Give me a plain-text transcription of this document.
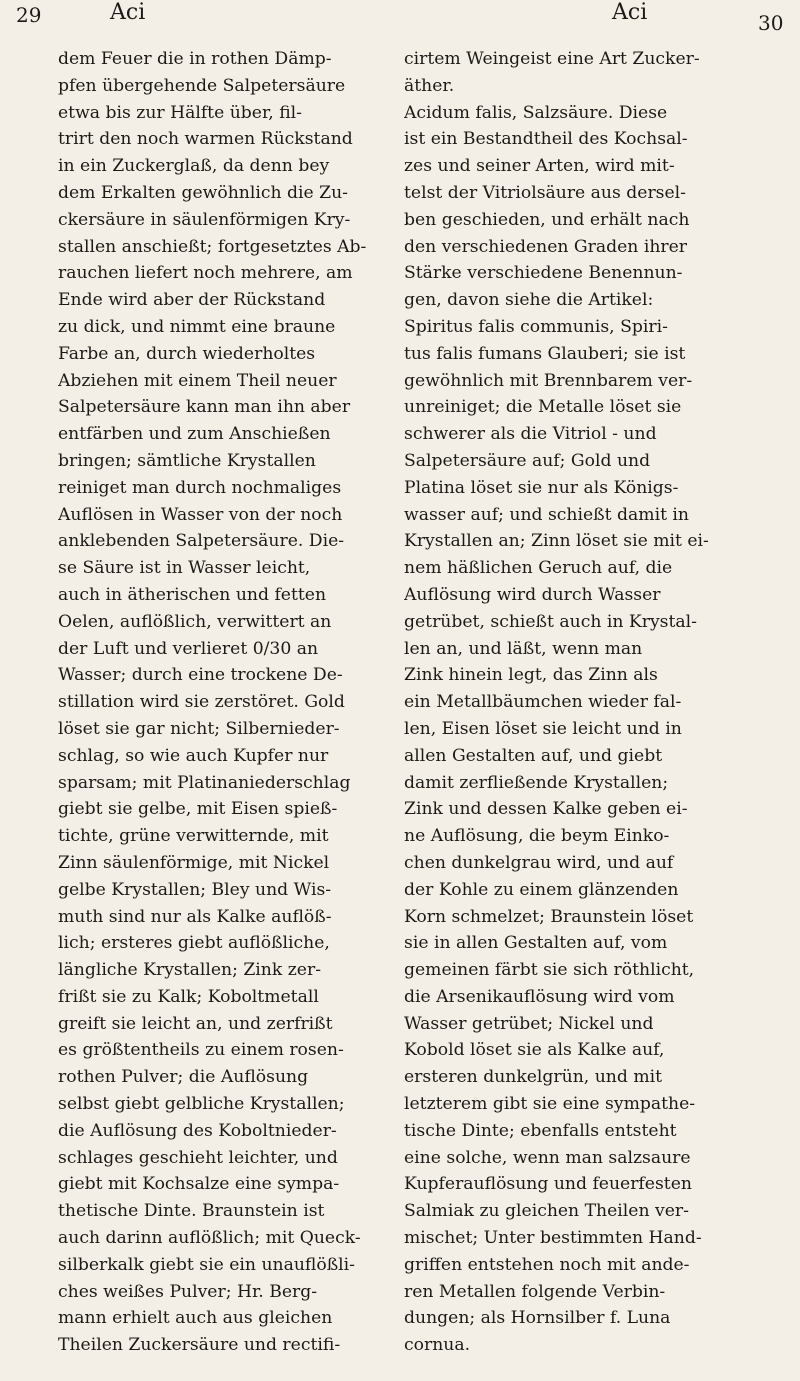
29	Aci	Aci	30
dem Feuer die in rothen Dämp-
pfen übergehende Salpetersäure
etwa bis zur Hälfte über, fil-
trirt den noch warmen Rückstand
in ein Zuckerglaß, da denn bey
dem Erkalten gewöhnlich die Zu-
ckersäure in säulenförmigen Kry-
stallen anschießt; fortgesetztes Ab-
rauchen liefert noch mehrere, am
Ende wird aber der Rückstand
zu dick, und nimmt eine braune
Farbe an, durch wiederholtes
Abziehen mit einem Theil neuer
Salpetersäure kann man ihn aber
entfärben und zum Anschießen
bringen; sämtliche Krystallen
reiniget man durch nochmaliges
Auflösen in Wasser von der noch
anklebenden Salpetersäure. Die-
se Säure ist in Wasser leicht,
auch in ätherischen und fetten
Oelen, auflößlich, verwittert an
der Luft und verlieret 0/30 an
Wasser; durch eine trockene De-
stillation wird sie zerstöret. Gold
löset sie gar nicht; Silbernieder-
schlag, so wie auch Kupfer nur
sparsam; mit Platinaniederschlag
giebt sie gelbe, mit Eisen spieß-
tichte, grüne verwitternde, mit
Zinn säulenförmige, mit Nickel
gelbe Krystallen; Bley und Wis-
muth sind nur als Kalke auflöß-
lich; ersteres giebt auflößliche,
längliche Krystallen; Zink zer-
frißt sie zu Kalk; Koboltmetall
greift sie leicht an, und zerfrißt
es größtentheils zu einem rosen-
rothen Pulver; die Auflösung
selbst giebt gelbliche Krystallen;
die Auflösung des Koboltnieder-
schlages geschieht leichter, und
giebt mit Kochsalze eine sympa-
thetische Dinte. Braunstein ist
auch darinn auflößlich; mit Queck-
silberkalk giebt sie ein unauflößli-
ches weißes Pulver; Hr. Berg-
mann erhielt auch aus gleichen
Theilen Zuckersäure und rectifi-
cirtem Weingeist eine Art Zucker-
äther.
Acidum falis, Salzsäure. Diese
ist ein Bestandtheil des Kochsal-
zes und seiner Arten, wird mit-
telst der Vitriolsäure aus dersel-
ben geschieden, und erhält nach
den verschiedenen Graden ihrer
Stärke verschiedene Benennun-
gen, davon siehe die Artikel:
Spiritus falis communis, Spiri-
tus falis fumans Glauberi; sie ist
gewöhnlich mit Brennbarem ver-
unreiniget; die Metalle löset sie
schwerer als die Vitriol - und
Salpetersäure auf; Gold und
Platina löset sie nur als Königs-
wasser auf; und schießt damit in
Krystallen an; Zinn löset sie mit ei-
nem häßlichen Geruch auf, die
Auflösung wird durch Wasser
getrübet, schießt auch in Krystal-
len an, und läßt, wenn man
Zink hinein legt, das Zinn als
ein Metallbäumchen wieder fal-
len, Eisen löset sie leicht und in
allen Gestalten auf, und giebt
damit zerfließende Krystallen;
Zink und dessen Kalke geben ei-
ne Auflösung, die beym Einko-
chen dunkelgrau wird, und auf
der Kohle zu einem glänzenden
Korn schmelzet; Braunstein löset
sie in allen Gestalten auf, vom
gemeinen färbt sie sich röthlicht,
die Arsenikauflösung wird vom
Wasser getrübet; Nickel und
Kobold löset sie als Kalke auf,
ersteren dunkelgrün, und mit
letzterem gibt sie eine sympathe-
tische Dinte; ebenfalls entsteht
eine solche, wenn man salzsaure
Kupferauflösung und feuerfesten
Salmiak zu gleichen Theilen ver-
mischet; Unter bestimmten Hand-
griffen entstehen noch mit ande-
ren Metallen folgende Verbin-
dungen; als Hornsilber f. Luna
cornua.
